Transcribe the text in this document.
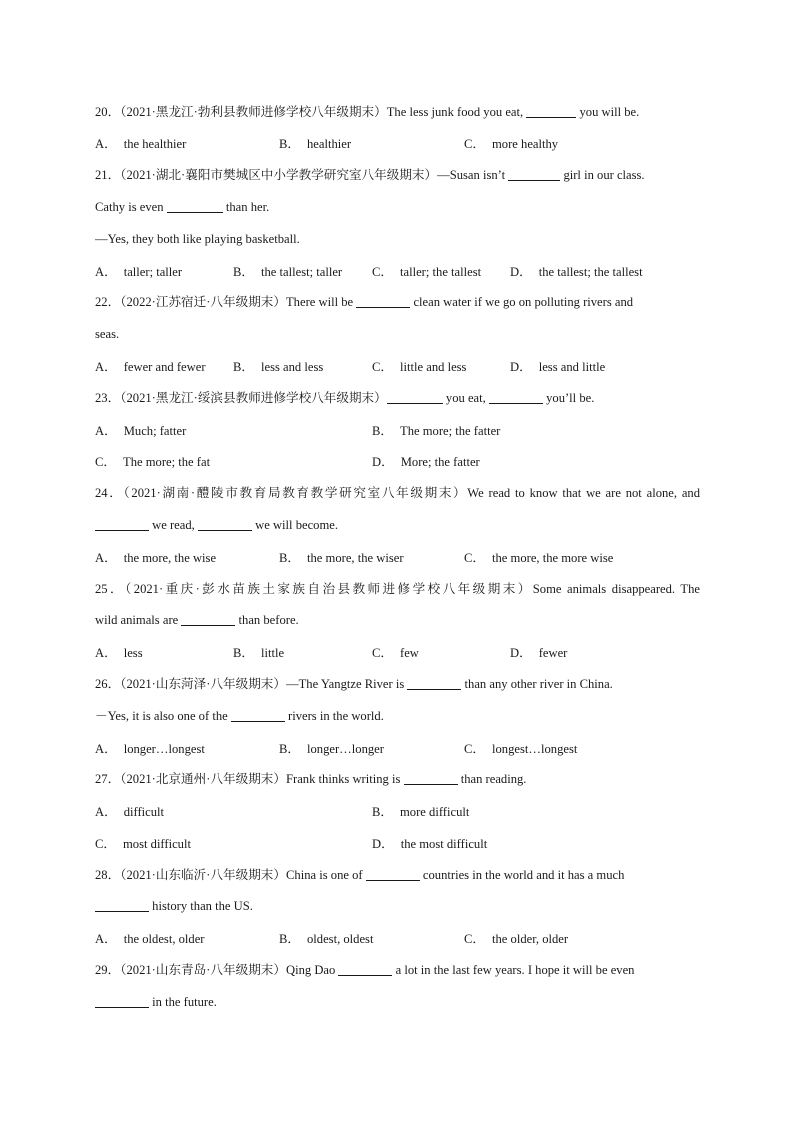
20．（2021·黑龙江·勃利县教师进修学校八年级期末）The less junk food you eat,	you will be.
A． the healthier	B． healthier	C． more healthy
21．（2021·湖北·襄阳市樊城区中小学教学研究室八年级期末）—Susan isn’t	girl in our class.
Cathy is even	than her.
—Yes, they both like playing basketball.
A． taller; taller	B． the tallest; taller C． taller; the tallest D． the tallest; the tallest
22．（2022·江苏宿迁·八年级期末）There will be	clean water if we go on polluting rivers and
seas.
A． fewer and fewer B． less and less	C． little and less	D． less and little
23．（2021·黑龙江·绥滨县教师进修学校八年级期末）	you eat,	you’ll be.
A． Much; fatter	B． The more; the fatter
C． The more; the fat	D． More; the fatter
24．（2021·湖南·醴陵市教育局教育教学研究室八年级期末）We read to know that we are not alone, and
we read,	we will become.
A． the more, the wise	B． the more, the wiser	C． the more, the more wise
25．（2021·重庆·彭水苗族土家族自治县教师进修学校八年级期末）Some animals disappeared. The
wild animals are	than before.
A． less	B． little	C． few	D． fewer
26．（2021·山东菏泽·八年级期末）—The Yangtze River is	than any other river in China.
－Yes, it is also one of the	rivers in the world.
A． longer…longest	B． longer…longer	C． longest…longest
27．（2021·北京通州·八年级期末）Frank thinks writing is	than reading.
A． difficult	B． more difficult
C． most difficult	D． the most difficult
28．（2021·山东临沂·八年级期末）China is one of	countries in the world and it has a much
history than the US.
A． the oldest, older	B． oldest, oldest	C． the older, older
29．（2021·山东青岛·八年级期末）Qing Dao	a lot in the last few years. I hope it will be even
in the future.
